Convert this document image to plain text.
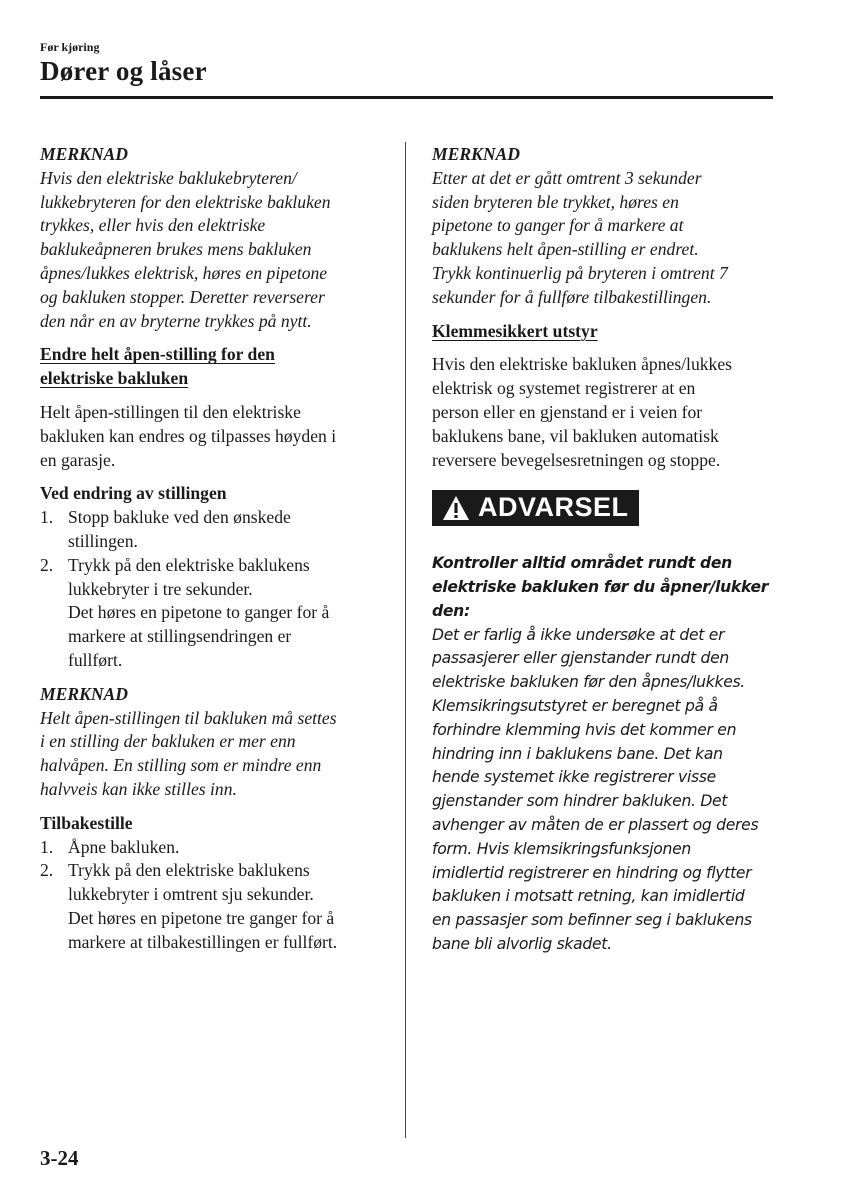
Før kjøring
Dører og låser
MERKNAD
Hvis den elektriske baklukebryteren/
lukkebryteren for den elektriske bakluken
trykkes, eller hvis den elektriske
baklukeåpneren brukes mens bakluken
åpnes/lukkes elektrisk, høres en pipetone
og bakluken stopper. Deretter reverserer
den når en av bryterne trykkes på nytt.
Endre helt åpen-stilling for den
elektriske bakluken
Helt åpen-stillingen til den elektriske
bakluken kan endres og tilpasses høyden i
en garasje.
Ved endring av stillingen
1. Stopp bakluke ved den ønskede
stillingen.
2. Trykk på den elektriske baklukens
lukkebryter i tre sekunder.
Det høres en pipetone to ganger for å
markere at stillingsendringen er
fullført.
MERKNAD
Helt åpen-stillingen til bakluken må settes
i en stilling der bakluken er mer enn
halvåpen. En stilling som er mindre enn
halvveis kan ikke stilles inn.
Tilbakestille
1. Åpne bakluken.
2. Trykk på den elektriske baklukens
lukkebryter i omtrent sju sekunder.
Det høres en pipetone tre ganger for å
markere at tilbakestillingen er fullført.
MERKNAD
Etter at det er gått omtrent 3 sekunder
siden bryteren ble trykket, høres en
pipetone to ganger for å markere at
baklukens helt åpen-stilling er endret.
Trykk kontinuerlig på bryteren i omtrent 7
sekunder for å fullføre tilbakestillingen.
Klemmesikkert utstyr
Hvis den elektriske bakluken åpnes/lukkes
elektrisk og systemet registrerer at en
person eller en gjenstand er i veien for
baklukens bane, vil bakluken automatisk
reversere bevegelsesretningen og stoppe.
ADVARSEL
Kontroller alltid området rundt den
elektriske bakluken før du åpner/lukker
den:
Det er farlig å ikke undersøke at det er
passasjerer eller gjenstander rundt den
elektriske bakluken før den åpnes/lukkes.
Klemsikringsutstyret er beregnet på å
forhindre klemming hvis det kommer en
hindring inn i baklukens bane. Det kan
hende systemet ikke registrerer visse
gjenstander som hindrer bakluken. Det
avhenger av måten de er plassert og deres
form. Hvis klemsikringsfunksjonen
imidlertid registrerer en hindring og flytter
bakluken i motsatt retning, kan imidlertid
en passasjer som befinner seg i baklukens
bane bli alvorlig skadet.
3-24
